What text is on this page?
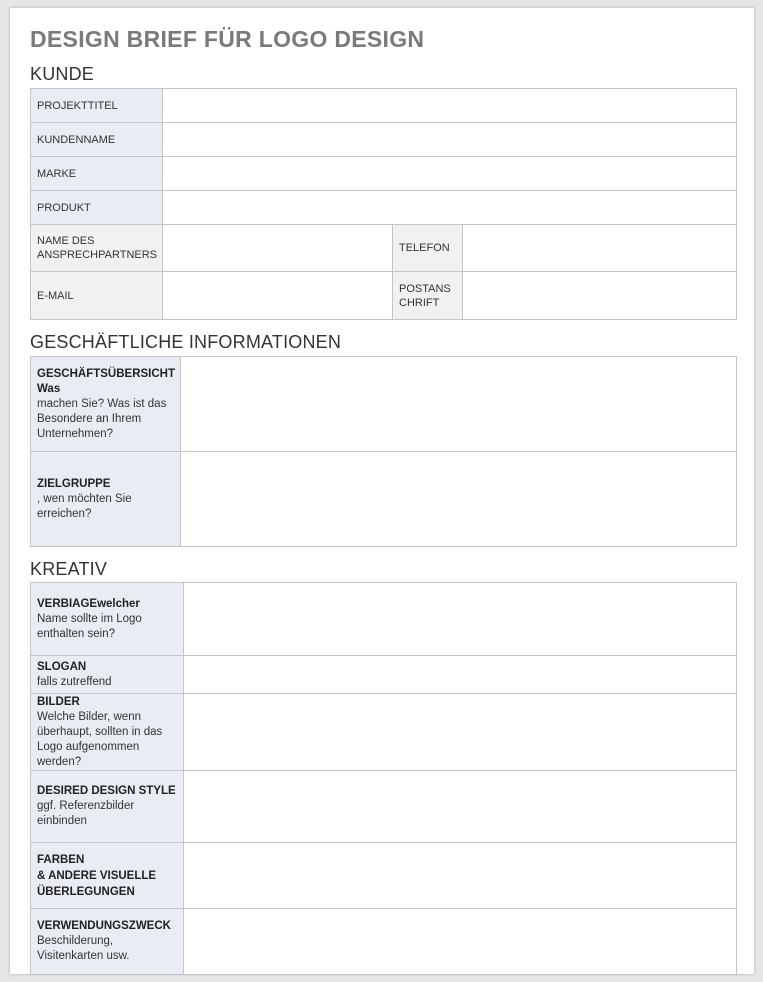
DESIGN BRIEF FÜR LOGO DESIGN
KUNDE
PROJEKTTITEL	
KUNDENNAME	
MARKE	
PRODUKT	
NAME DES ANSPRECHPARTNERS		TELEFON	
E-MAIL		POSTANS CHRIFT	
GESCHÄFTLICHE INFORMATIONEN
GESCHÄFTSÜBERSICHT Was
machen Sie? Was ist das Besondere an Ihrem Unternehmen?	

ZIELGRUPPE
, wen möchten Sie erreichen?	

KREATIV
VERBIAGEwelcher
Name sollte im Logo enthalten sein?	

SLOGAN
falls zutreffend	

BILDER
Welche Bilder, wenn überhaupt, sollten in das Logo aufgenommen werden?	

DESIRED DESIGN STYLE
ggf. Referenzbilder einbinden	

FARBEN
& ANDERE VISUELLE ÜBERLEGUNGEN	

VERWENDUNGSZWECK
Beschilderung, Visitenkarten usw.	
